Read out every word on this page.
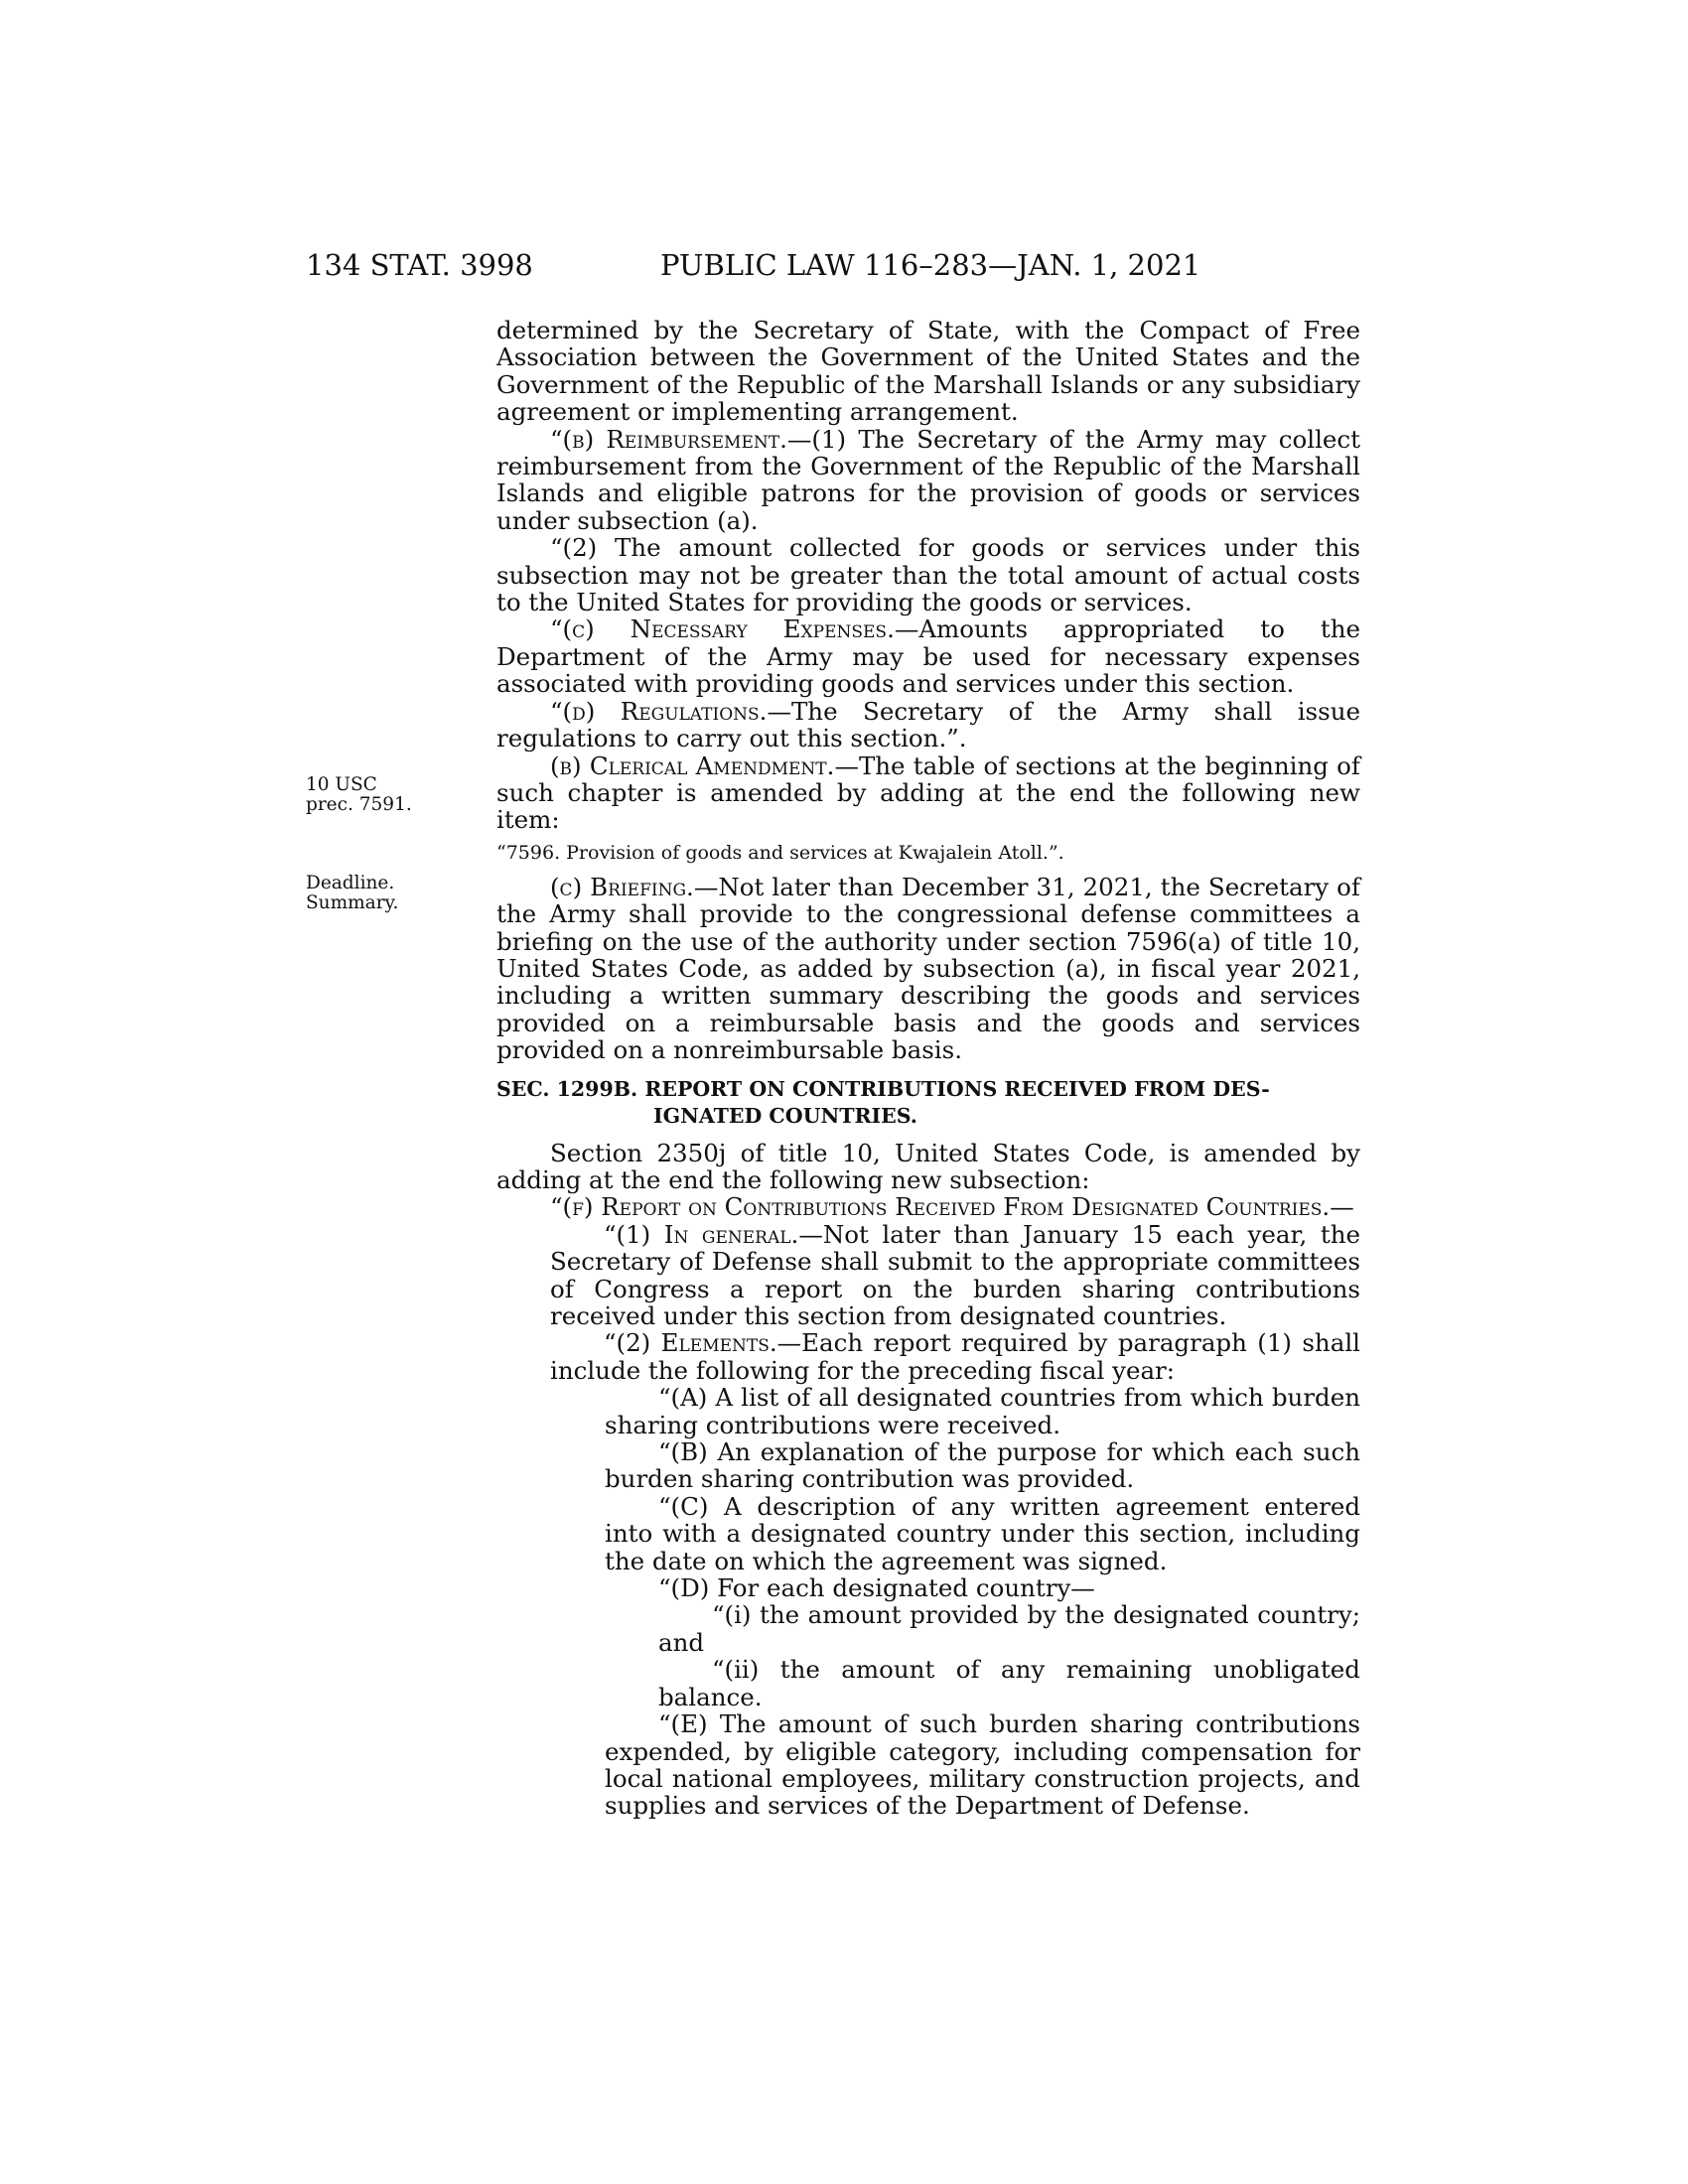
134 STAT. 3998	PUBLIC LAW 116–283—JAN. 1, 2021
10 USC
prec. 7591.
Deadline.
Summary.

determined by the Secretary of State, with the Compact of Free Association between the Government of the United States and the Government of the Republic of the Marshall Islands or any subsidiary agreement or implementing arrangement.

“(b) Reimbursement.—(1) The Secretary of the Army may collect reimbursement from the Government of the Republic of the Marshall Islands and eligible patrons for the provision of goods or services under subsection (a).

“(2) The amount collected for goods or services under this subsection may not be greater than the total amount of actual costs to the United States for providing the goods or services.

“(c) Necessary Expenses.—Amounts appropriated to the Department of the Army may be used for necessary expenses associated with providing goods and services under this section.

“(d) Regulations.—The Secretary of the Army shall issue regulations to carry out this section.”.

(b) Clerical Amendment.—The table of sections at the beginning of such chapter is amended by adding at the end the following new item:

“7596. Provision of goods and services at Kwajalein Atoll.”.

(c) Briefing.—Not later than December 31, 2021, the Secretary of the Army shall provide to the congressional defense committees a briefing on the use of the authority under section 7596(a) of title 10, United States Code, as added by subsection (a), in fiscal year 2021, including a written summary describing the goods and services provided on a reimbursable basis and the goods and services provided on a nonreimbursable basis.

SEC. 1299B. REPORT ON CONTRIBUTIONS RECEIVED FROM DES-
IGNATED COUNTRIES.

Section 2350j of title 10, United States Code, is amended by adding at the end the following new subsection:

“(f) Report on Contributions Received From Designated Countries.—

“(1) In general.—Not later than January 15 each year, the Secretary of Defense shall submit to the appropriate committees of Congress a report on the burden sharing contributions received under this section from designated countries.

“(2) Elements.—Each report required by paragraph (1) shall include the following for the preceding fiscal year:

“(A) A list of all designated countries from which burden sharing contributions were received.

“(B) An explanation of the purpose for which each such burden sharing contribution was provided.

“(C) A description of any written agreement entered into with a designated country under this section, including the date on which the agreement was signed.

“(D) For each designated country—

“(i) the amount provided by the designated country; and

“(ii) the amount of any remaining unobligated balance.

“(E) The amount of such burden sharing contributions expended, by eligible category, including compensation for local national employees, military construction projects, and supplies and services of the Department of Defense.
